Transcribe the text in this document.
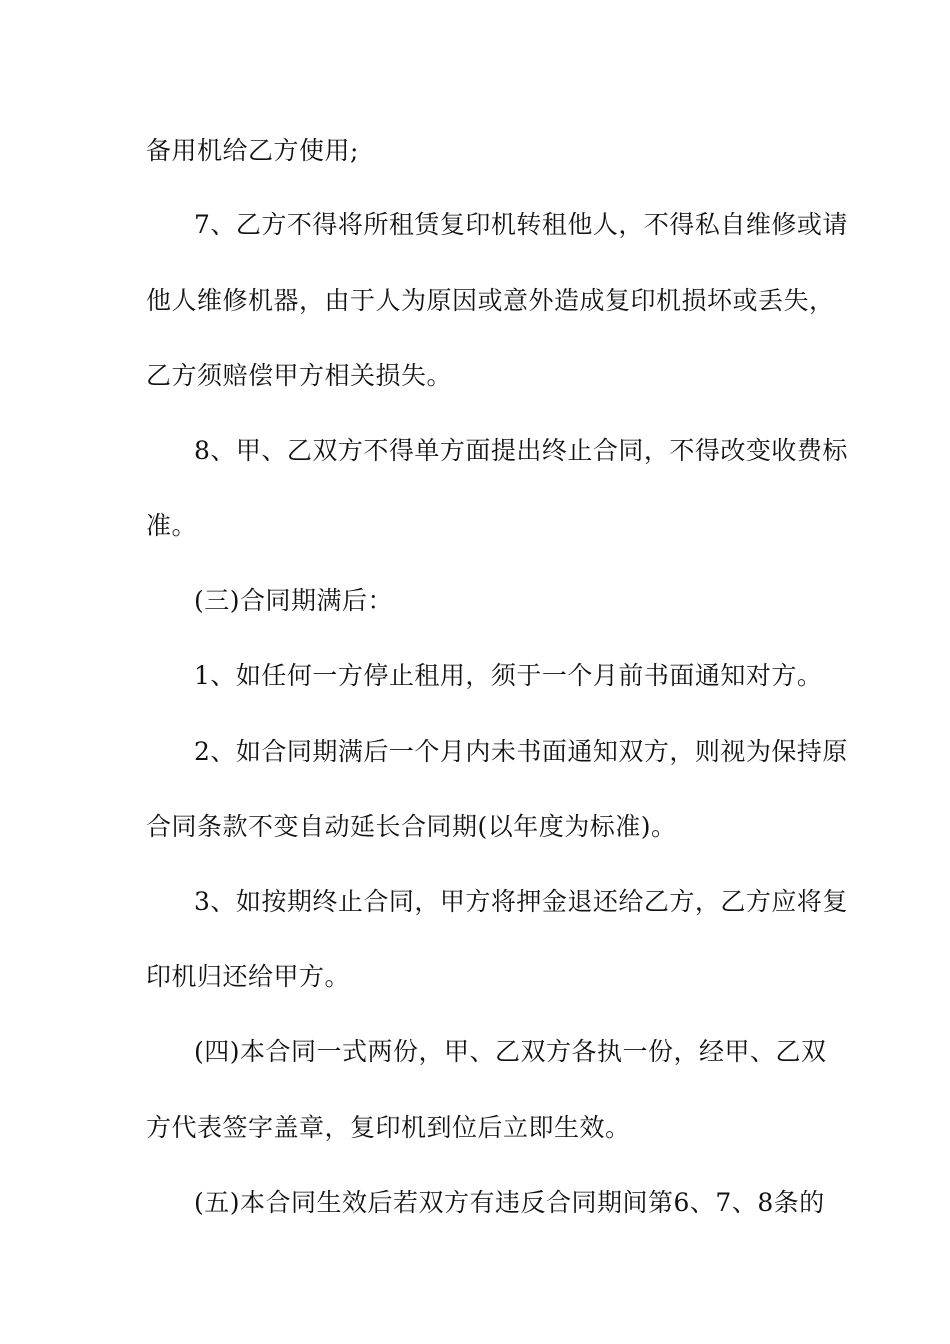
备用机给乙方使用;
7、乙方不得将所租赁复印机转租他人，不得私自维修或请
他人维修机器，由于人为原因或意外造成复印机损坏或丢失，
乙方须赔偿甲方相关损失。
8、甲、乙双方不得单方面提出终止合同，不得改变收费标
准。
(三)合同期满后：
1、如任何一方停止租用，须于一个月前书面通知对方。
2、如合同期满后一个月内未书面通知双方，则视为保持原
合同条款不变自动延长合同期(以年度为标准)。
3、如按期终止合同，甲方将押金退还给乙方，乙方应将复
印机归还给甲方。
(四)本合同一式两份，甲、乙双方各执一份，经甲、乙双
方代表签字盖章，复印机到位后立即生效。
(五)本合同生效后若双方有违反合同期间第6、7、8条的
